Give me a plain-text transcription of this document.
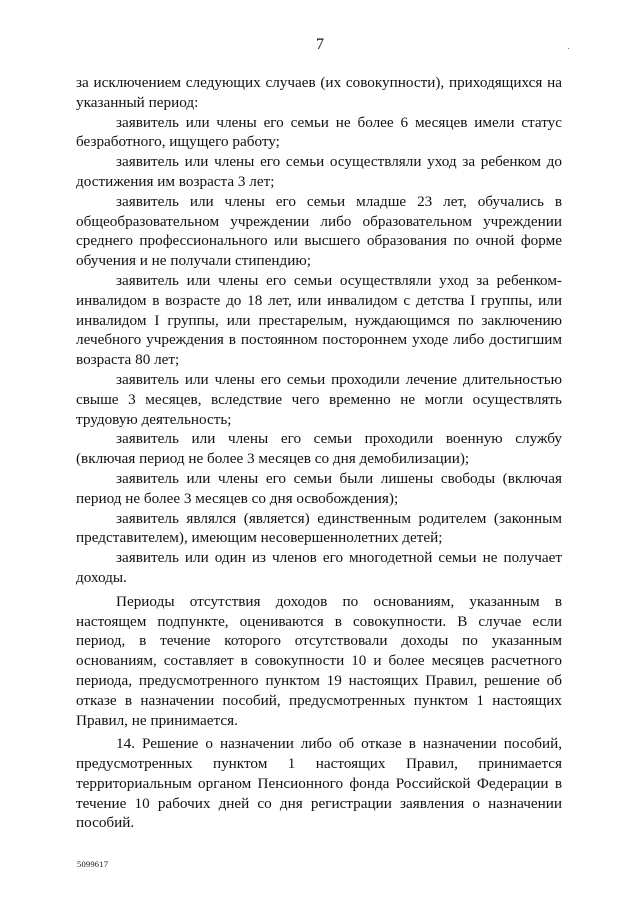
7

за исключением следующих случаев (их совокупности), приходящихся на указанный период:

заявитель или члены его семьи не более 6 месяцев имели статус безработного, ищущего работу;

заявитель или члены его семьи осуществляли уход за ребенком до достижения им возраста 3 лет;

заявитель или члены его семьи младше 23 лет, обучались в общеобразовательном учреждении либо образовательном учреждении среднего профессионального или высшего образования по очной форме обучения и не получали стипендию;

заявитель или члены его семьи осуществляли уход за ребенком-инвалидом в возрасте до 18 лет, или инвалидом с детства I группы, или инвалидом I группы, или престарелым, нуждающимся по заключению лечебного учреждения в постоянном постороннем уходе либо достигшим возраста 80 лет;

заявитель или члены его семьи проходили лечение длительностью свыше 3 месяцев, вследствие чего временно не могли осуществлять трудовую деятельность;

заявитель или члены его семьи проходили военную службу (включая период не более 3 месяцев со дня демобилизации);

заявитель или члены его семьи были лишены свободы (включая период не более 3 месяцев со дня освобождения);

заявитель являлся (является) единственным родителем (законным представителем), имеющим несовершеннолетних детей;

заявитель или один из членов его многодетной семьи не получает доходы.

Периоды отсутствия доходов по основаниям, указанным в настоящем подпункте, оцениваются в совокупности. В случае если период, в течение которого отсутствовали доходы по указанным основаниям, составляет в совокупности 10 и более месяцев расчетного периода, предусмотренного пунктом 19 настоящих Правил, решение об отказе в назначении пособий, предусмотренных пунктом 1 настоящих Правил, не принимается.

14. Решение о назначении либо об отказе в назначении пособий, предусмотренных пунктом 1 настоящих Правил, принимается территориальным органом Пенсионного фонда Российской Федерации в течение 10 рабочих дней со дня регистрации заявления о назначении пособий.

5099617
